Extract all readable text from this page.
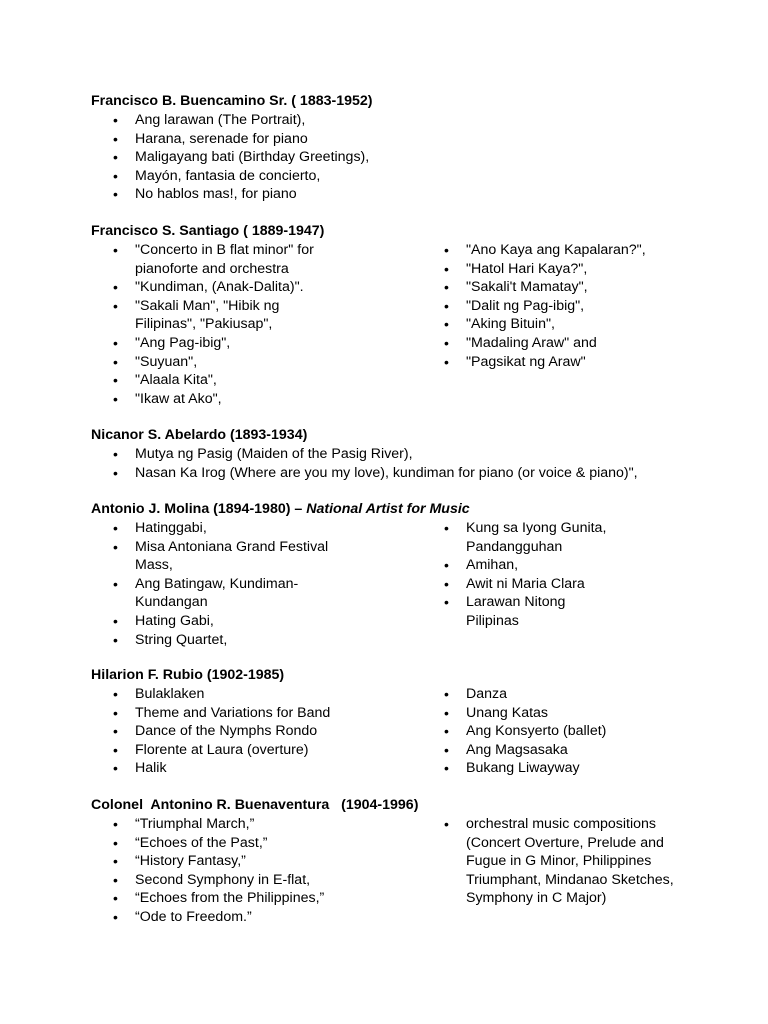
Francisco B. Buencamino Sr. ( 1883-1952)
• Ang larawan (The Portrait),
• Harana, serenade for piano
• Maligayang bati (Birthday Greetings),
• Mayón, fantasia de concierto,
• No hablos mas!, for piano
Francisco S. Santiago ( 1889-1947)
• "Concerto in B flat minor" for pianoforte and orchestra
• "Kundiman, (Anak-Dalita)".
• "Sakali Man", "Hibik ng Filipinas", "Pakiusap",
• "Ang Pag-ibig",
• "Suyuan",
• "Alaala Kita",
• "Ikaw at Ako",
• "Ano Kaya ang Kapalaran?",
• "Hatol Hari Kaya?",
• "Sakali't Mamatay",
• "Dalit ng Pag-ibig",
• "Aking Bituin",
• "Madaling Araw" and
• "Pagsikat ng Araw"
Nicanor S. Abelardo (1893-1934)
• Mutya ng Pasig (Maiden of the Pasig River),
• Nasan Ka Irog (Where are you my love), kundiman for piano (or voice & piano)",
Antonio J. Molina (1894-1980) – National Artist for Music
• Hatinggabi,
• Misa Antoniana Grand Festival Mass,
• Ang Batingaw, Kundiman-Kundangan
• Hating Gabi,
• String Quartet,
• Kung sa Iyong Gunita, Pandangguhan
• Amihan,
• Awit ni Maria Clara
• Larawan Nitong Pilipinas
Hilarion F. Rubio (1902-1985)
• Bulaklaken
• Theme and Variations for Band
• Dance of the Nymphs Rondo
• Florente at Laura (overture)
• Halik
• Danza
• Unang Katas
• Ang Konsyerto (ballet)
• Ang Magsasaka
• Bukang Liwayway
Colonel  Antonino R. Buenaventura   (1904-1996)
• “Triumphal March,”
• “Echoes of the Past,”
• “History Fantasy,”
• Second Symphony in E-flat,
• “Echoes from the Philippines,”
• “Ode to Freedom.”
• orchestral music compositions (Concert Overture, Prelude and Fugue in G Minor, Philippines Triumphant, Mindanao Sketches, Symphony in C Major)
